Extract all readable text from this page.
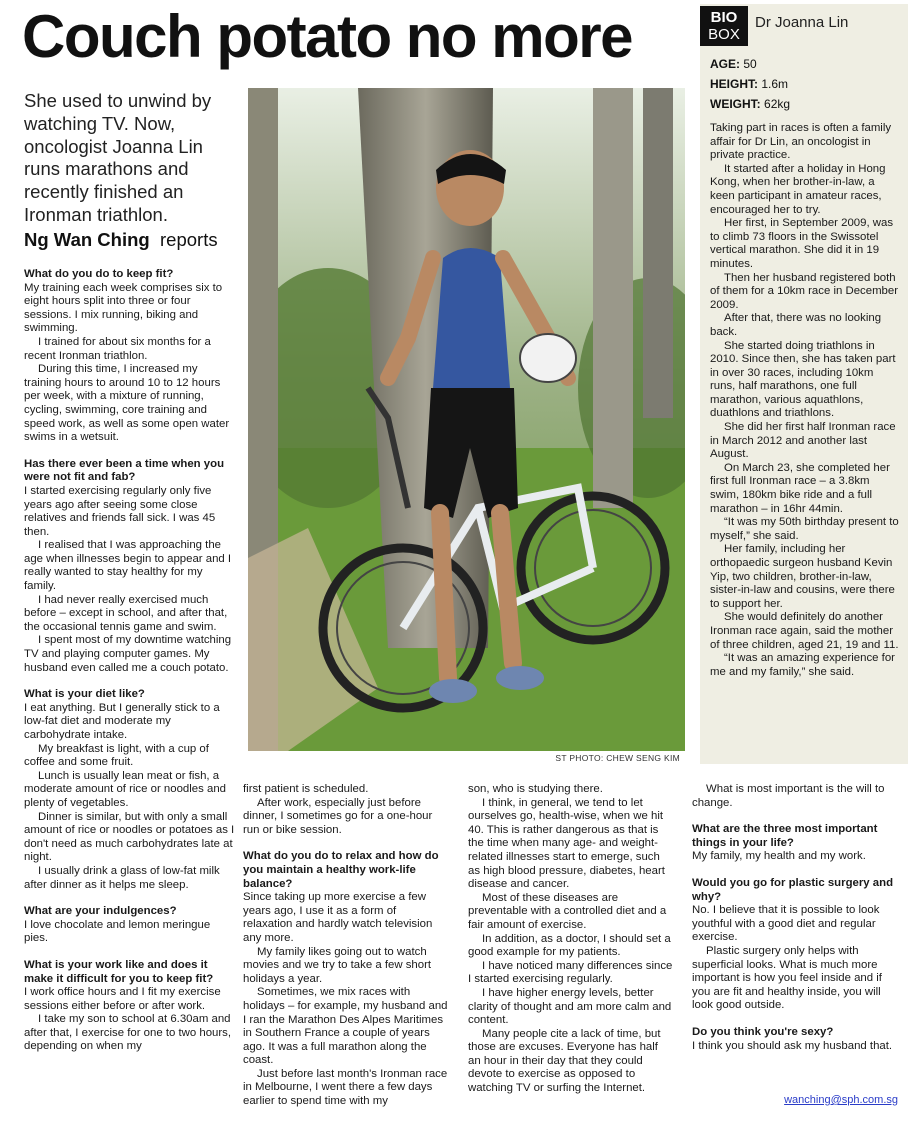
Couch potato no more
She used to unwind by watching TV. Now, oncologist Joanna Lin runs marathons and recently finished an Ironman triathlon.
Ng Wan Ching reports

What do you do to keep fit?

My training each week comprises six to eight hours split into three or four sessions. I mix running, biking and swimming.

I trained for about six months for a recent Ironman triathlon.

During this time, I increased my training hours to around 10 to 12 hours per week, with a mixture of running, cycling, swimming, core training and speed work, as well as some open water swims in a wetsuit.

Has there ever been a time when you were not fit and fab?

I started exercising regularly only five years ago after seeing some close relatives and friends fall sick. I was 45 then.

I realised that I was approaching the age when illnesses begin to appear and I really wanted to stay healthy for my family.

I had never really exercised much before – except in school, and after that, the occasional tennis game and swim.

I spent most of my downtime watching TV and playing computer games. My husband even called me a couch potato.

What is your diet like?

I eat anything. But I generally stick to a low-fat diet and moderate my carbohydrate intake.

My breakfast is light, with a cup of coffee and some fruit.

Lunch is usually lean meat or fish, a moderate amount of rice or noodles and plenty of vegetables.

Dinner is similar, but with only a small amount of rice or noodles or potatoes as I don't need as much carbohydrates late at night.

I usually drink a glass of low-fat milk after dinner as it helps me sleep.

What are your indulgences?

I love chocolate and lemon meringue pies.

What is your work like and does it make it difficult for you to keep fit?

I work office hours and I fit my exercise sessions either before or after work.

I take my son to school at 6.30am and after that, I exercise for one to two hours, depending on when my

first patient is scheduled.

After work, especially just before dinner, I sometimes go for a one-hour run or bike session.

What do you do to relax and how do you maintain a healthy work-life balance?

Since taking up more exercise a few years ago, I use it as a form of relaxation and hardly watch television any more.

My family likes going out to watch movies and we try to take a few short holidays a year.

Sometimes, we mix races with holidays – for example, my husband and I ran the Marathon Des Alpes Maritimes in Southern France a couple of years ago. It was a full marathon along the coast.

Just before last month's Ironman race in Melbourne, I went there a few days earlier to spend time with my

son, who is studying there.

I think, in general, we tend to let ourselves go, health-wise, when we hit 40. This is rather dangerous as that is the time when many age- and weight-related illnesses start to emerge, such as high blood pressure, diabetes, heart disease and cancer.

Most of these diseases are preventable with a controlled diet and a fair amount of exercise.

In addition, as a doctor, I should set a good example for my patients.

I have noticed many differences since I started exercising regularly.

I have higher energy levels, better clarity of thought and am more calm and content.

Many people cite a lack of time, but those are excuses. Everyone has half an hour in their day that they could devote to exercise as opposed to watching TV or surfing the Internet.

What is most important is the will to change.

What are the three most important things in your life?

My family, my health and my work.

Would you go for plastic surgery and why?

No. I believe that it is possible to look youthful with a good diet and regular exercise.

Plastic surgery only helps with superficial looks. What is much more important is how you feel inside and if you are fit and healthy inside, you will look good outside.

Do you think you're sexy?

I think you should ask my husband that.

ST PHOTO: CHEW SENG KIM
BIO
BOX
Dr Joanna Lin
AGE: 50
HEIGHT: 1.6m
WEIGHT: 62kg

Taking part in races is often a family affair for Dr Lin, an oncologist in private practice.

It started after a holiday in Hong Kong, when her brother-in-law, a keen participant in amateur races, encouraged her to try.

Her first, in September 2009, was to climb 73 floors in the Swissotel vertical marathon. She did it in 19 minutes.

Then her husband registered both of them for a 10km race in December 2009.

After that, there was no looking back.

She started doing triathlons in 2010. Since then, she has taken part in over 30 races, including 10km runs, half marathons, one full marathon, various aquathlons, duathlons and triathlons.

She did her first half Ironman race in March 2012 and another last August.

On March 23, she completed her first full Ironman race – a 3.8km swim, 180km bike ride and a full marathon – in 16hr 44min.

“It was my 50th birthday present to myself,” she said.

Her family, including her orthopaedic surgeon husband Kevin Yip, two children, brother-in-law, sister-in-law and cousins, were there to support her.

She would definitely do another Ironman race again, said the mother of three children, aged 21, 19 and 11.

“It was an amazing experience for me and my family,” she said.

wanching@sph.com.sg
